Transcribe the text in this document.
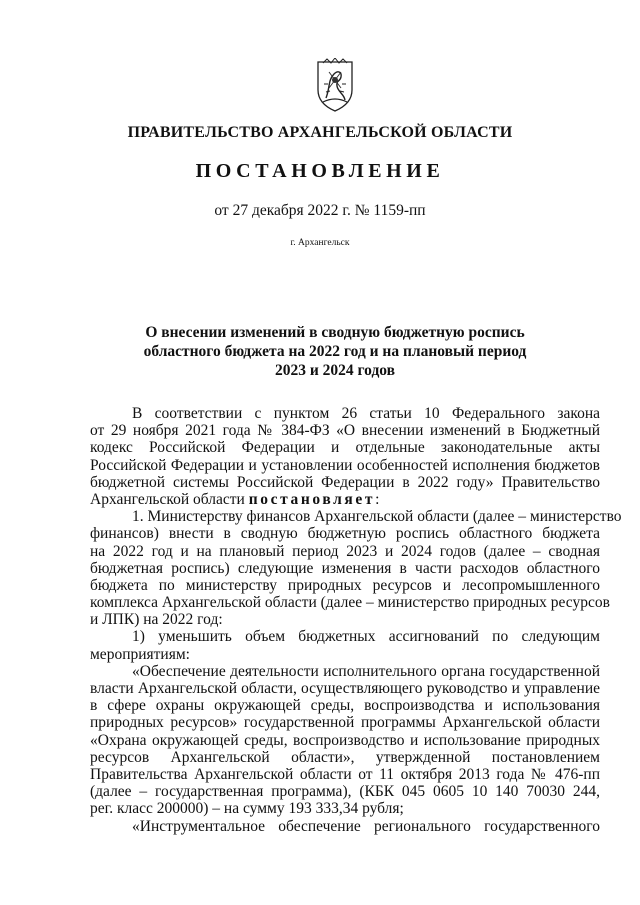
ПРАВИТЕЛЬСТВО АРХАНГЕЛЬСКОЙ ОБЛАСТИ
ПОСТАНОВЛЕНИЕ
от 27 декабря 2022 г. № 1159-пп
г. Архангельск
О внесении изменений в сводную бюджетную роспись
областного бюджета на 2022 год и на плановый период
2023 и 2024 годов
В соответствии с пунктом 26 статьи 10 Федерального закона
от 29 ноября 2021 года № 384-ФЗ «О внесении изменений в Бюджетный
кодекс Российской Федерации и отдельные законодательные акты
Российской Федерации и установлении особенностей исполнения бюджетов
бюджетной системы Российской Федерации в 2022 году» Правительство
Архангельской области постановляет:
1. Министерству финансов Архангельской области (далее – министерство
финансов) внести в сводную бюджетную роспись областного бюджета
на 2022 год и на плановый период 2023 и 2024 годов (далее – сводная
бюджетная роспись) следующие изменения в части расходов областного
бюджета по министерству природных ресурсов и лесопромышленного
комплекса Архангельской области (далее – министерство природных ресурсов
и ЛПК) на 2022 год:
1) уменьшить объем бюджетных ассигнований по следующим
мероприятиям:
«Обеспечение деятельности исполнительного органа государственной
власти Архангельской области, осуществляющего руководство и управление
в сфере охраны окружающей среды, воспроизводства и использования
природных ресурсов» государственной программы Архангельской области
«Охрана окружающей среды, воспроизводство и использование природных
ресурсов Архангельской области», утвержденной постановлением
Правительства Архангельской области от 11 октября 2013 года № 476-пп
(далее – государственная программа), (КБК 045 0605 10 140 70030 244,
рег. класс 200000) – на сумму 193 333,34 рубля;
«Инструментальное обеспечение регионального государственного
